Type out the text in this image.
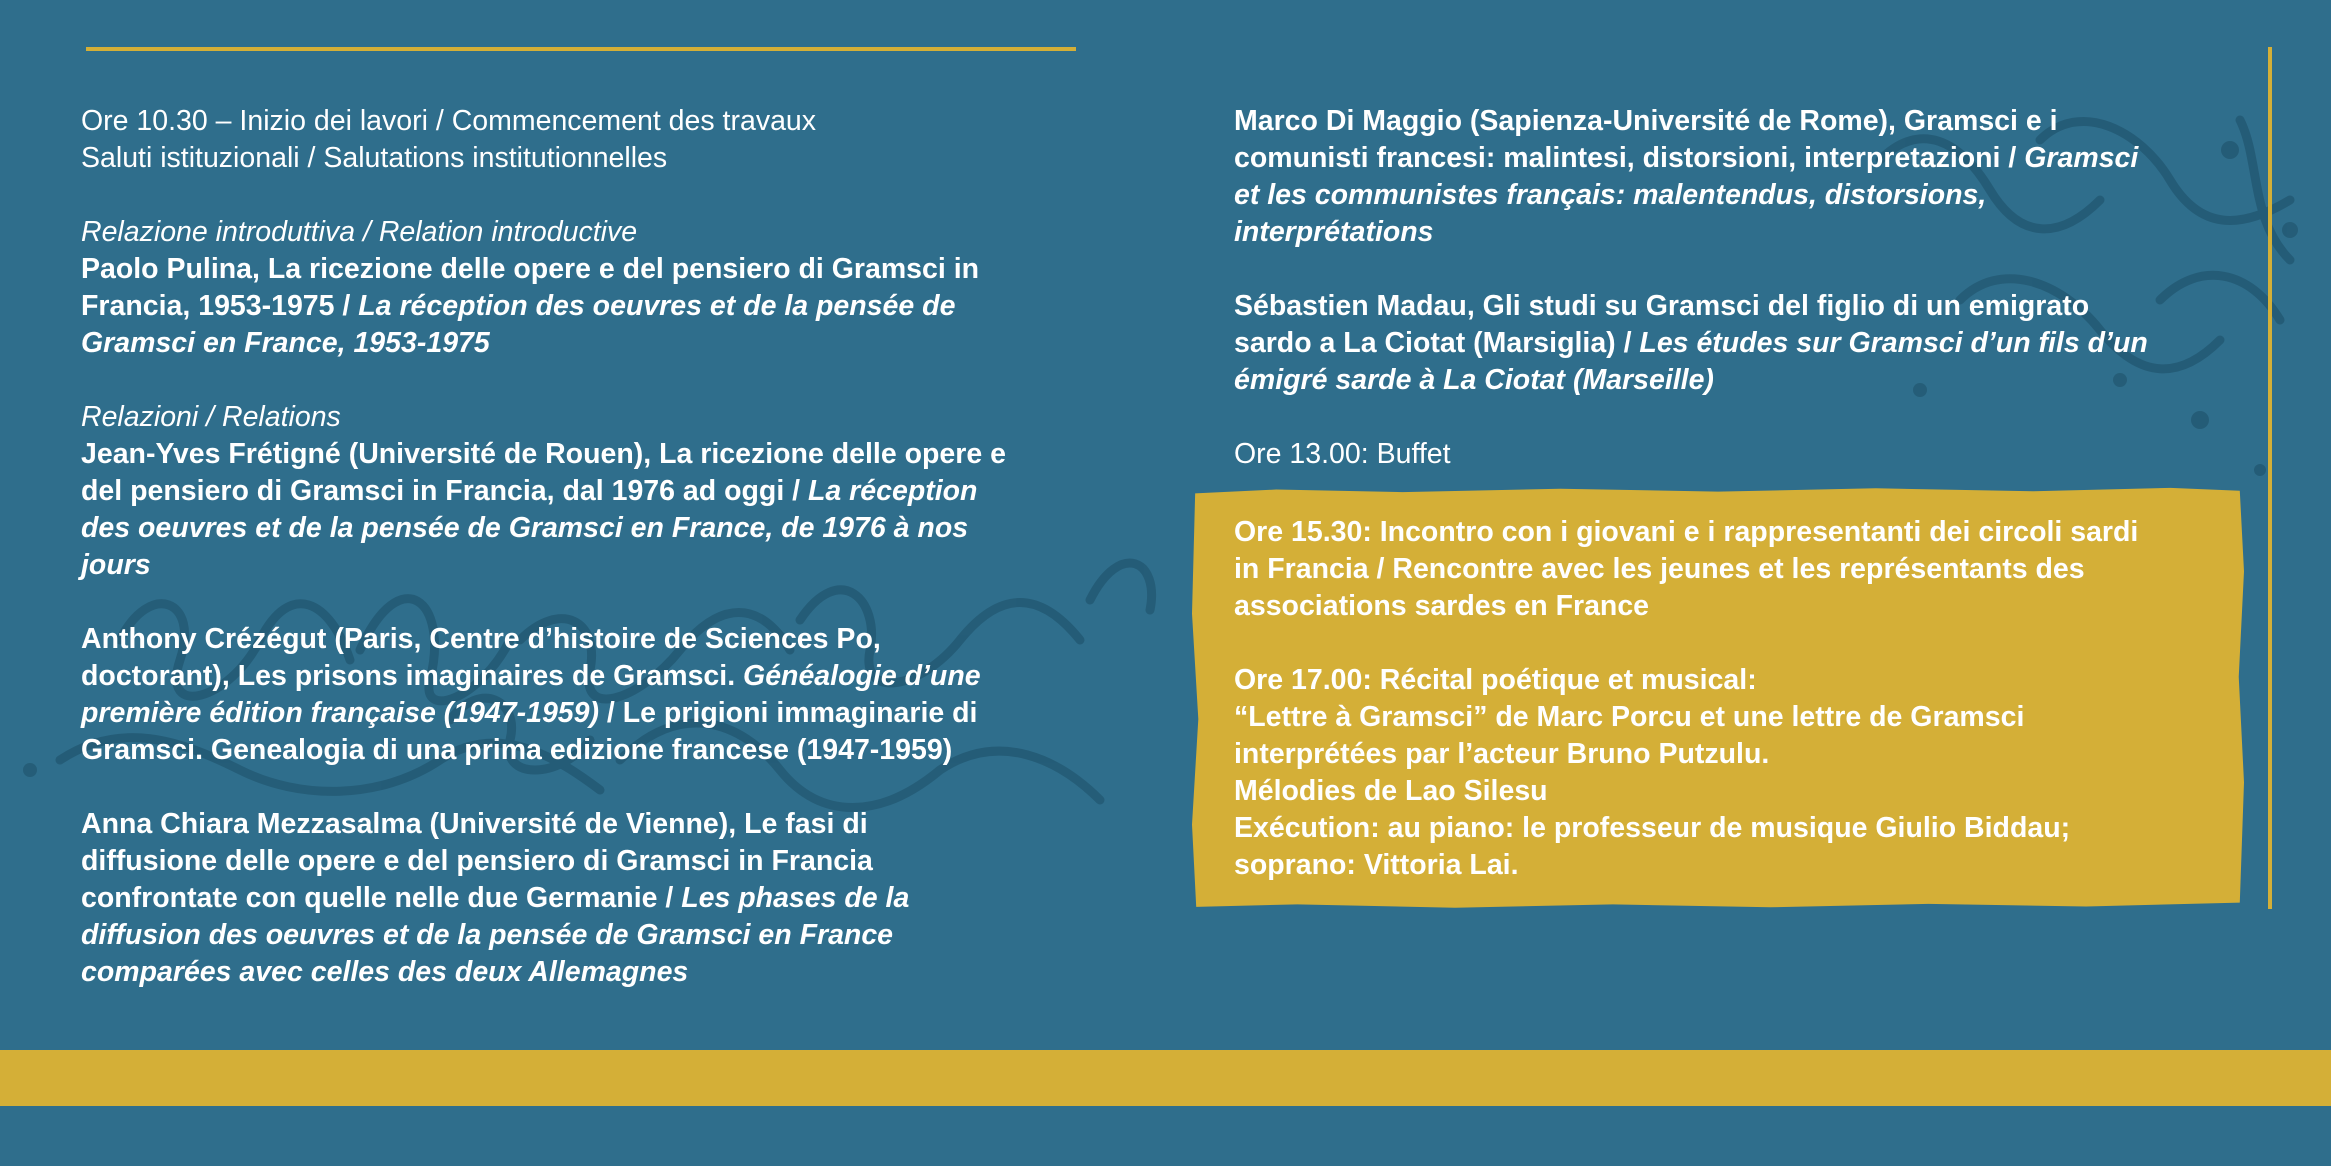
Ore 10.30 – Inizio dei lavori / Commencement des travaux
Saluti istituzionali / Salutations institutionnelles
Relazione introduttiva / Relation introductive
Paolo Pulina, La ricezione delle opere e del pensiero di Gramsci in
Francia, 1953-1975 / La réception des oeuvres et de la pensée de
Gramsci en France, 1953-1975
Relazioni / Relations
Jean-Yves Frétigné (Université de Rouen), La ricezione delle opere e
del pensiero di Gramsci in Francia, dal 1976 ad oggi / La réception
des oeuvres et de la pensée de Gramsci en France, de 1976 à nos
jours
Anthony Crézégut (Paris, Centre d’histoire de Sciences Po,
doctorant), Les prisons imaginaires de Gramsci. Généalogie d’une
première édition française (1947-1959) / Le prigioni immaginarie di
Gramsci. Genealogia di una prima edizione francese (1947-1959)
Anna Chiara Mezzasalma (Université de Vienne), Le fasi di
diffusione delle opere e del pensiero di Gramsci in Francia
confrontate con quelle nelle due Germanie / Les phases de la
diffusion des oeuvres et de la pensée de Gramsci en France
comparées avec celles des deux Allemagnes
Marco Di Maggio (Sapienza-Université de Rome), Gramsci e i
comunisti francesi: malintesi, distorsioni, interpretazioni / Gramsci
et les communistes français: malentendus, distorsions,
interprétations
Sébastien Madau, Gli studi su Gramsci del figlio di un emigrato
sardo a La Ciotat (Marsiglia) / Les études sur Gramsci d’un fils d’un
émigré sarde à La Ciotat (Marseille)
Ore 13.00: Buffet
Ore 15.30: Incontro con i giovani e i rappresentanti dei circoli sardi
in Francia / Rencontre avec les jeunes et les représentants des
associations sardes en France
Ore 17.00: Récital poétique et musical:
“Lettre à Gramsci” de Marc Porcu et une lettre de Gramsci
interprétées par l’acteur Bruno Putzulu.
Mélodies de Lao Silesu
Exécution: au piano: le professeur de musique Giulio Biddau;
soprano: Vittoria Lai.
